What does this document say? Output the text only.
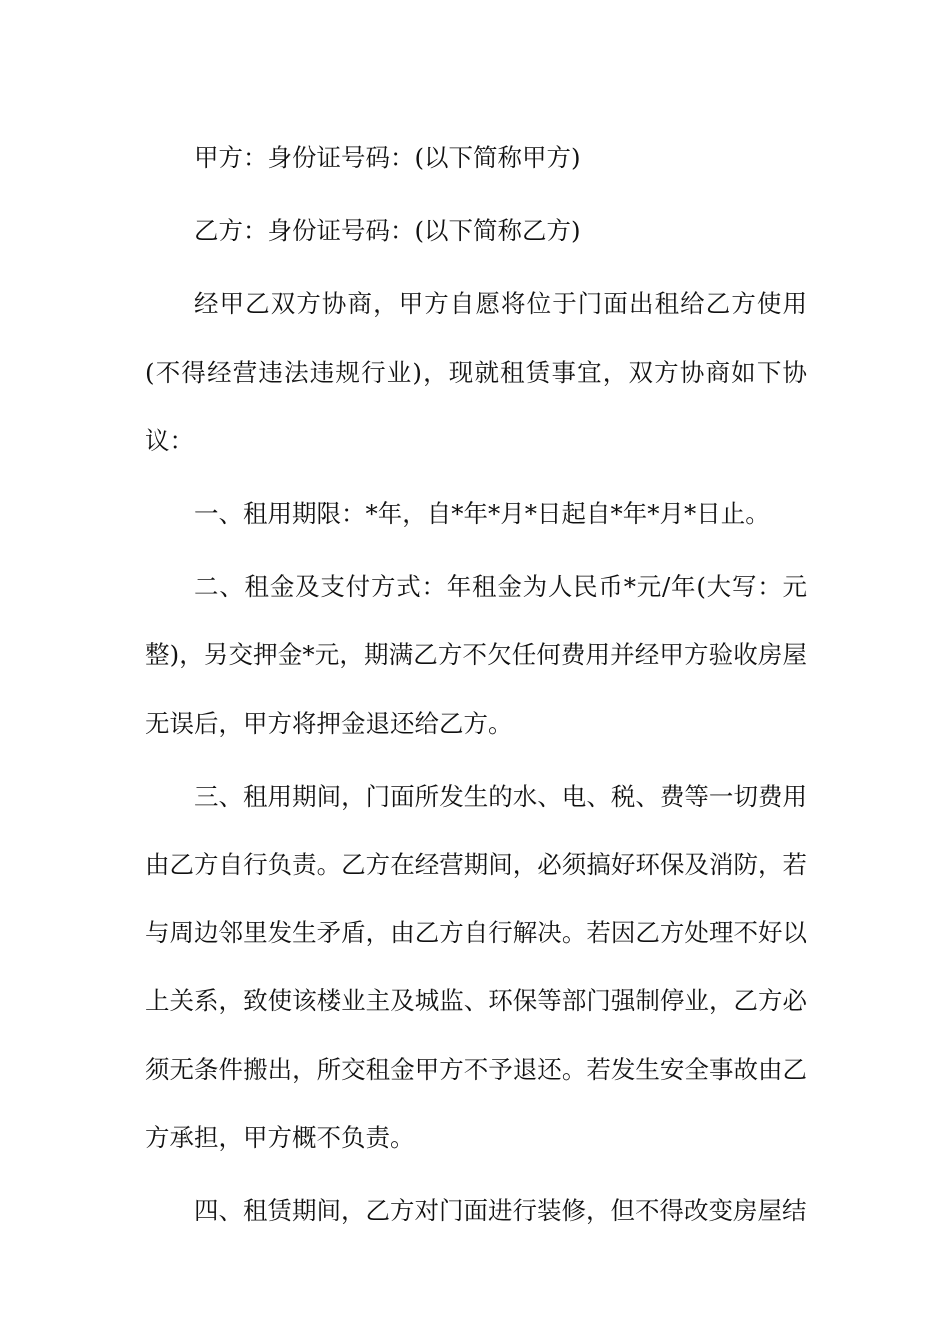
甲方：身份证号码：(以下简称甲方)

乙方：身份证号码：(以下简称乙方)

经甲乙双方协商，甲方自愿将位于门面出租给乙方使用(不得经营违法违规行业)，现就租赁事宜，双方协商如下协议：

一、租用期限：*年，自*年*月*日起自*年*月*日止。

二、租金及支付方式：年租金为人民币*元/年(大写：元整)，另交押金*元，期满乙方不欠任何费用并经甲方验收房屋无误后，甲方将押金退还给乙方。

三、租用期间，门面所发生的水、电、税、费等一切费用由乙方自行负责。乙方在经营期间，必须搞好环保及消防，若与周边邻里发生矛盾，由乙方自行解决。若因乙方处理不好以上关系，致使该楼业主及城监、环保等部门强制停业，乙方必须无条件搬出，所交租金甲方不予退还。若发生安全事故由乙方承担，甲方概不负责。

四、租赁期间，乙方对门面进行装修，但不得改变房屋结
